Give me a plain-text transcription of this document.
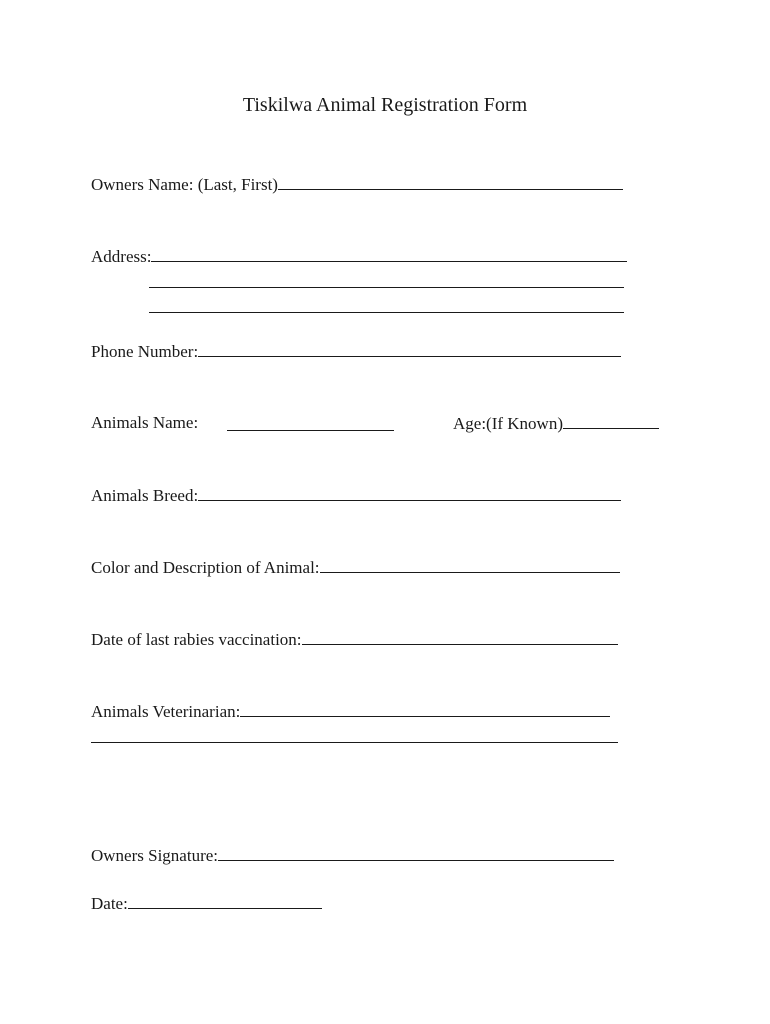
Tiskilwa Animal Registration Form
Owners Name: (Last, First)
Address:
Phone Number:
Animals Name:	Age:(If Known)
Animals Breed:
Color and Description of Animal:
Date of last rabies vaccination:
Animals Veterinarian:
Owners Signature:
Date:
